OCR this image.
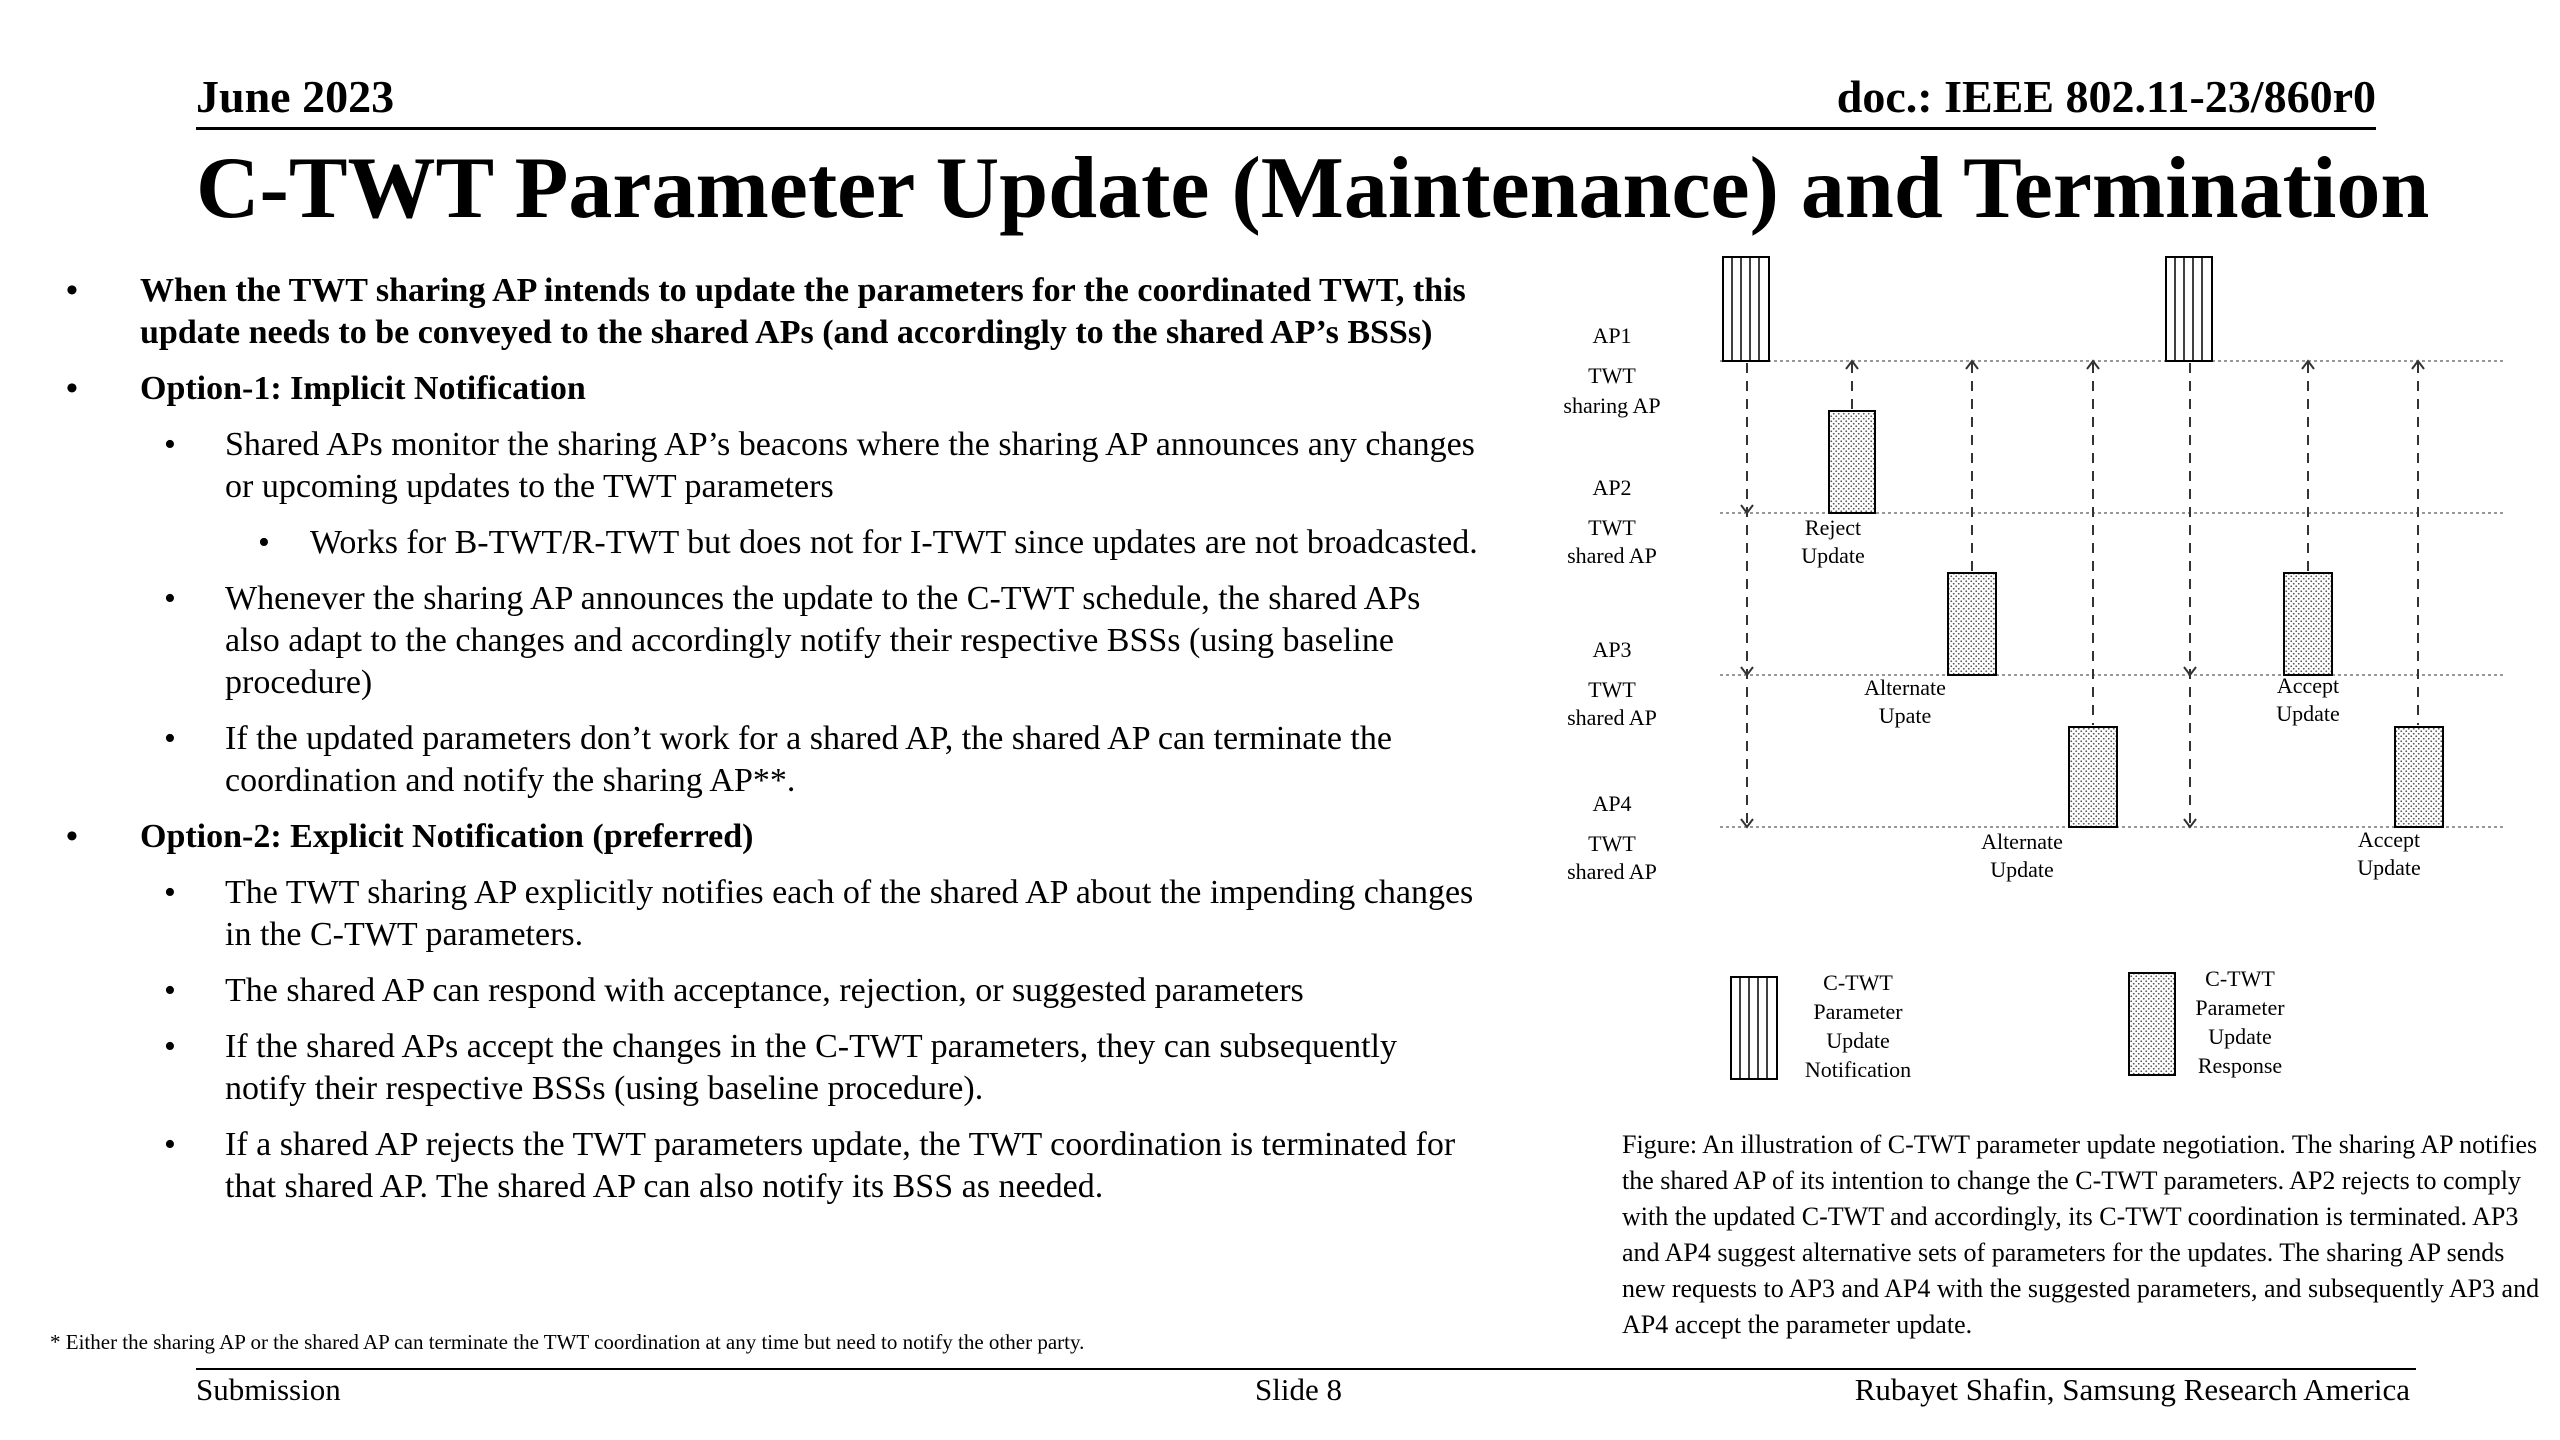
June 2023	doc.: IEEE 802.11-23/860r0
C-TWT Parameter Update (Maintenance) and Termination
• When the TWT sharing AP intends to update the parameters for the coordinated TWT, this update needs to be conveyed to the shared APs (and accordingly to the shared AP’s BSSs)
• Option-1: Implicit Notification
• Shared APs monitor the sharing AP’s beacons where the sharing AP announces any changes or upcoming updates to the TWT parameters
• Works for B-TWT/R-TWT but does not for I-TWT since updates are not broadcasted.
• Whenever the sharing AP announces the update to the C-TWT schedule, the shared APs also adapt to the changes and accordingly notify their respective BSSs (using baseline procedure)
• If the updated parameters don’t work for a shared AP, the shared AP can terminate the coordination and notify the sharing AP**.
• Option-2: Explicit Notification (preferred)
• The TWT sharing AP explicitly notifies each of the shared AP about the impending changes in the C-TWT parameters.
• The shared AP can respond with acceptance, rejection, or suggested parameters
• If the shared APs accept the changes in the C-TWT parameters, they can subsequently notify their respective BSSs (using baseline procedure).
• If a shared AP rejects the TWT parameters update, the TWT coordination is terminated for that shared AP. The shared AP can also notify its BSS as needed.
AP1
TWT
sharing AP
AP2
TWT
shared AP
AP3
TWT
shared AP
AP4
TWT
shared AP
Reject
Update
Alternate
Upate
Alternate
Update
Accept
Update
Accept
Update
C-TWT
Parameter
Update
Notification
C-TWT
Parameter
Update
Response
Figure: An illustration of C-TWT parameter update negotiation. The sharing AP notifies the shared AP of its intention to change the C-TWT parameters. AP2 rejects to comply with the updated C-TWT and accordingly, its C-TWT coordination is terminated. AP3 and AP4 suggest alternative sets of parameters for the updates. The sharing AP sends new requests to AP3 and AP4 with the suggested parameters, and subsequently AP3 and AP4 accept the parameter update.
* Either the sharing AP or the shared AP can terminate the TWT coordination at any time but need to notify the other party.
Submission	Slide 8	Rubayet Shafin, Samsung Research America
